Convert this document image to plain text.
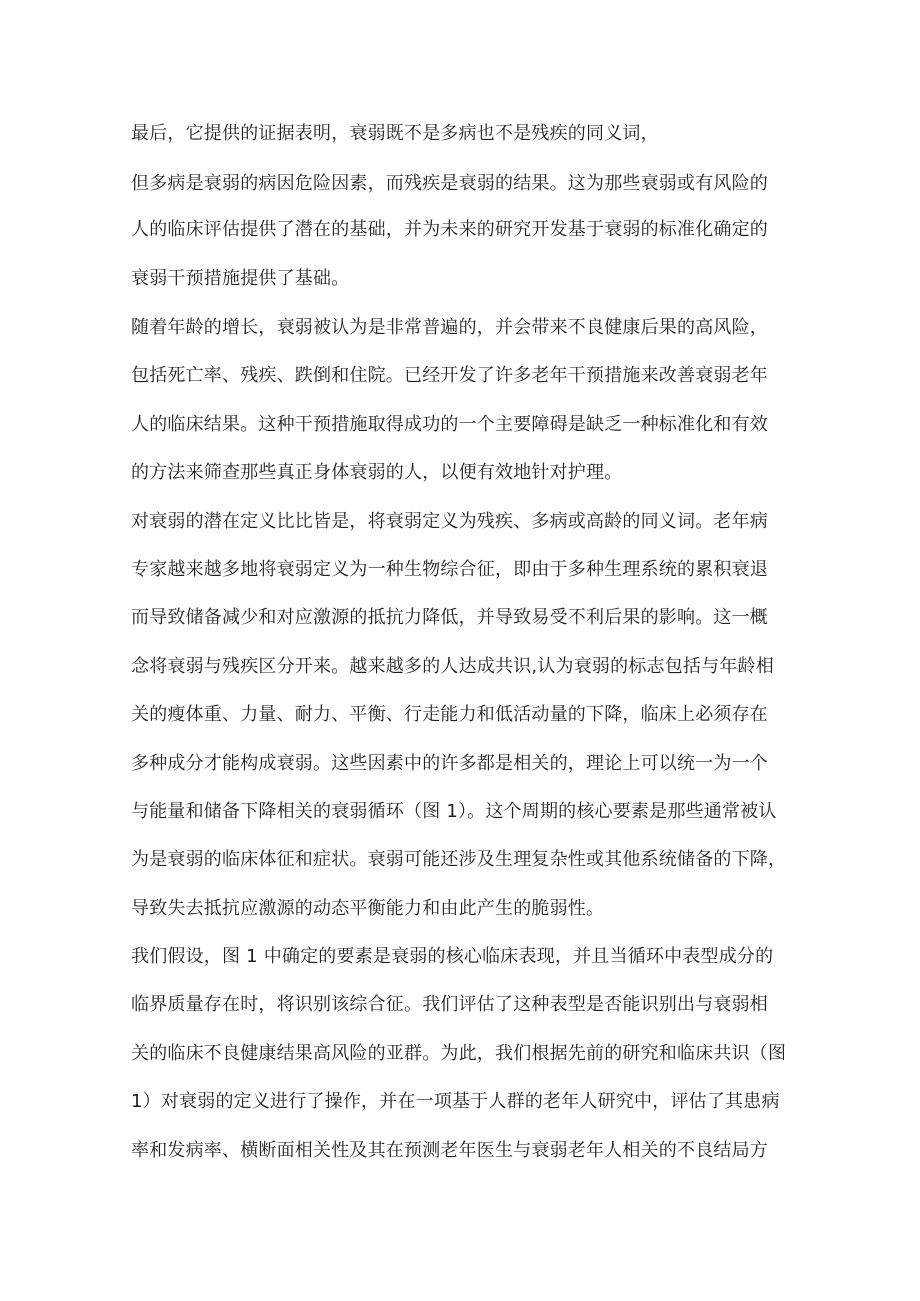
最后，它提供的证据表明，衰弱既不是多病也不是残疾的同义词，
但多病是衰弱的病因危险因素，而残疾是衰弱的结果。这为那些衰弱或有风险的
人的临床评估提供了潜在的基础，并为未来的研究开发基于衰弱的标准化确定的
衰弱干预措施提供了基础。
随着年龄的增长，衰弱被认为是非常普遍的，并会带来不良健康后果的高风险，
包括死亡率、残疾、跌倒和住院。已经开发了许多老年干预措施来改善衰弱老年
人的临床结果。这种干预措施取得成功的一个主要障碍是缺乏一种标准化和有效
的方法来筛查那些真正身体衰弱的人，以便有效地针对护理。
对衰弱的潜在定义比比皆是，将衰弱定义为残疾、多病或高龄的同义词。老年病
专家越来越多地将衰弱定义为一种生物综合征，即由于多种生理系统的累积衰退
而导致储备减少和对应激源的抵抗力降低，并导致易受不利后果的影响。这一概
念将衰弱与残疾区分开来。越来越多的人达成共识,认为衰弱的标志包括与年龄相
关的瘦体重、力量、耐力、平衡、行走能力和低活动量的下降，临床上必须存在
多种成分才能构成衰弱。这些因素中的许多都是相关的，理论上可以统一为一个
与能量和储备下降相关的衰弱循环（图 1）。这个周期的核心要素是那些通常被认
为是衰弱的临床体征和症状。衰弱可能还涉及生理复杂性或其他系统储备的下降，
导致失去抵抗应激源的动态平衡能力和由此产生的脆弱性。
我们假设，图 1 中确定的要素是衰弱的核心临床表现，并且当循环中表型成分的
临界质量存在时，将识别该综合征。我们评估了这种表型是否能识别出与衰弱相
关的临床不良健康结果高风险的亚群。为此，我们根据先前的研究和临床共识（图
1）对衰弱的定义进行了操作，并在一项基于人群的老年人研究中，评估了其患病
率和发病率、横断面相关性及其在预测老年医生与衰弱老年人相关的不良结局方
